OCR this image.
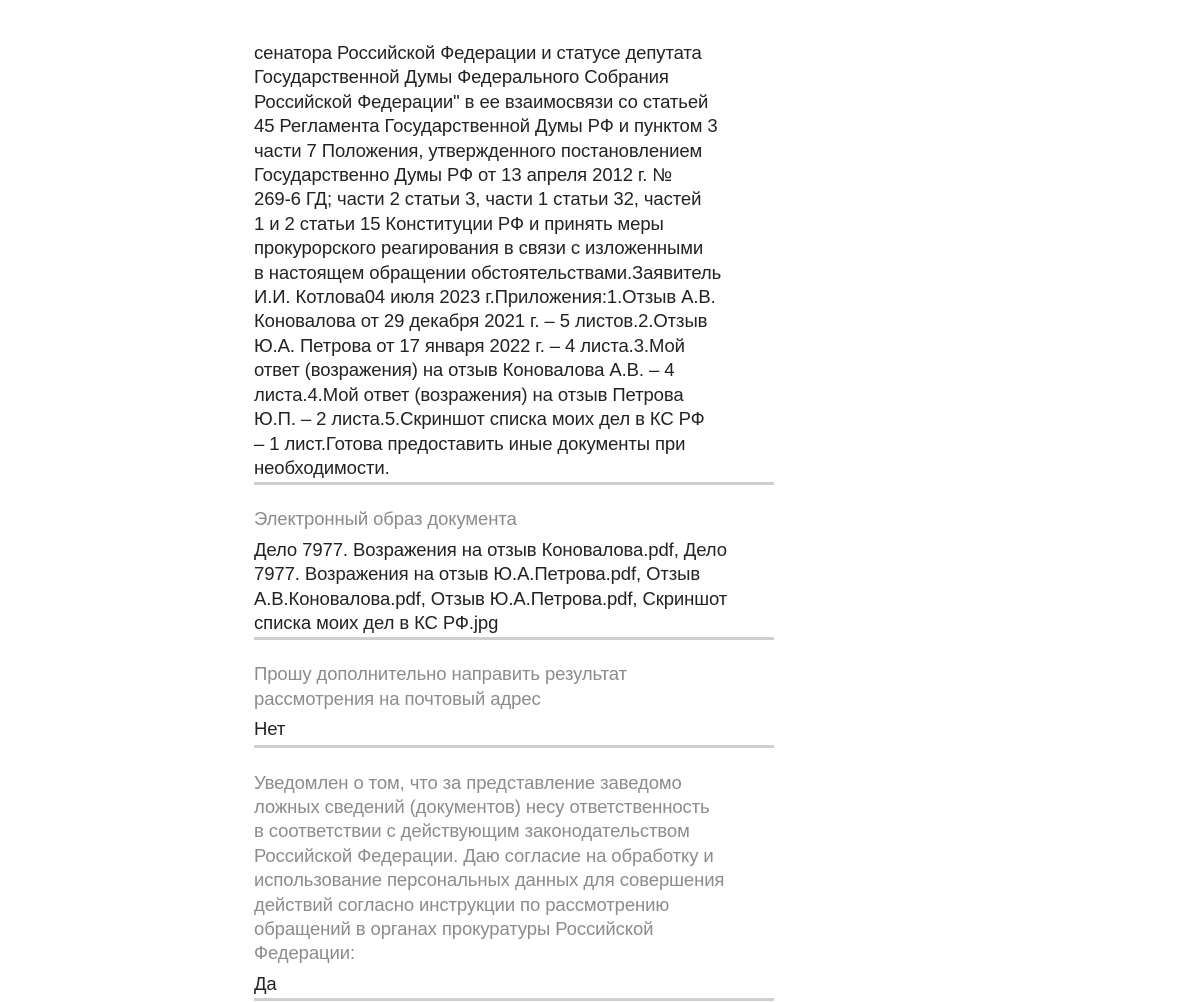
сенатора Российской Федерации и статусе депутата
Государственной Думы Федерального Собрания
Российской Федерации" в ее взаимосвязи со статьей
45 Регламента Государственной Думы РФ и пунктом 3
части 7 Положения, утвержденного постановлением
Государственно Думы РФ от 13 апреля 2012 г. №
269-6 ГД; части 2 статьи 3, части 1 статьи 32, частей
1 и 2 статьи 15 Конституции РФ и принять меры
прокурорского реагирования в связи с изложенными
в настоящем обращении обстоятельствами.Заявитель
И.И. Котлова04 июля 2023 г.Приложения:1.Отзыв А.В.
Коновалова от 29 декабря 2021 г. – 5 листов.2.Отзыв
Ю.А. Петрова от 17 января 2022 г. – 4 листа.3.Мой
ответ (возражения) на отзыв Коновалова А.В. – 4
листа.4.Мой ответ (возражения) на отзыв Петрова
Ю.П. – 2 листа.5.Скриншот списка моих дел в КС РФ
– 1 лист.Готова предоставить иные документы при
необходимости.

Электронный образ документа

Дело 7977. Возражения на отзыв Коновалова.pdf, Дело
7977. Возражения на отзыв Ю.А.Петрова.pdf, Отзыв
А.В.Коновалова.pdf, Отзыв Ю.А.Петрова.pdf, Скриншот
списка моих дел в КС РФ.jpg

Прошу дополнительно направить результат
рассмотрения на почтовый адрес

Нет

Уведомлен о том, что за представление заведомо
ложных сведений (документов) несу ответственность
в соответствии с действующим законодательством
Российской Федерации. Даю согласие на обработку и
использование персональных данных для совершения
действий согласно инструкции по рассмотрению
обращений в органах прокуратуры Российской
Федерации:

Да
